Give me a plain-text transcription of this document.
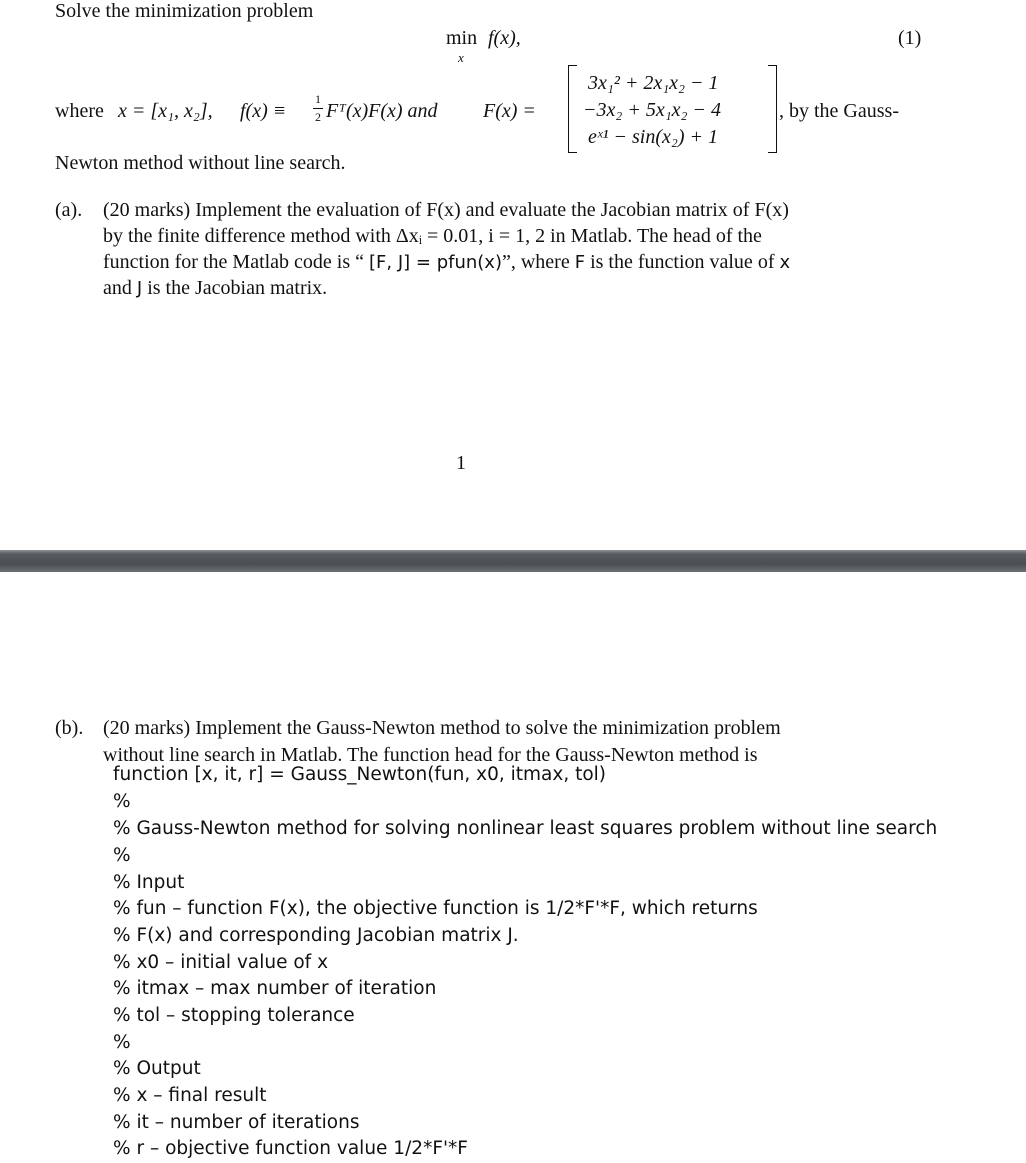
Solve the minimization problem
min
x
f(x),	(1)
where x = [x₁, x₂], f(x) ≡
1
2 Fᵀ(x)F(x) and F(x) =
3x₁² + 2x₁x₂ − 1
−3x₂ + 5x₁x₂ − 4
eˣ¹ − sin(x₂) + 1
, by the Gauss-
Newton method without line search.
(a). (20 marks) Implement the evaluation of F(x) and evaluate the Jacobian matrix of F(x)
by the finite difference method with Δxᵢ = 0.01, i = 1, 2 in Matlab. The head of the
function for the Matlab code is “ [F, J] = pfun(x)”, where F is the function value of x
and J is the Jacobian matrix.
1
(b). (20 marks) Implement the Gauss-Newton method to solve the minimization problem
without line search in Matlab. The function head for the Gauss-Newton method is
function [x, it, r] = Gauss_Newton(fun, x0, itmax, tol)
%
% Gauss-Newton method for solving nonlinear least squares problem without line search
%
% Input
% fun – function F(x), the objective function is 1/2*F'*F, which returns
% F(x) and corresponding Jacobian matrix J.
% x0 – initial value of x
% itmax – max number of iteration
% tol – stopping tolerance
%
% Output
% x – final result
% it – number of iterations
% r – objective function value 1/2*F'*F
